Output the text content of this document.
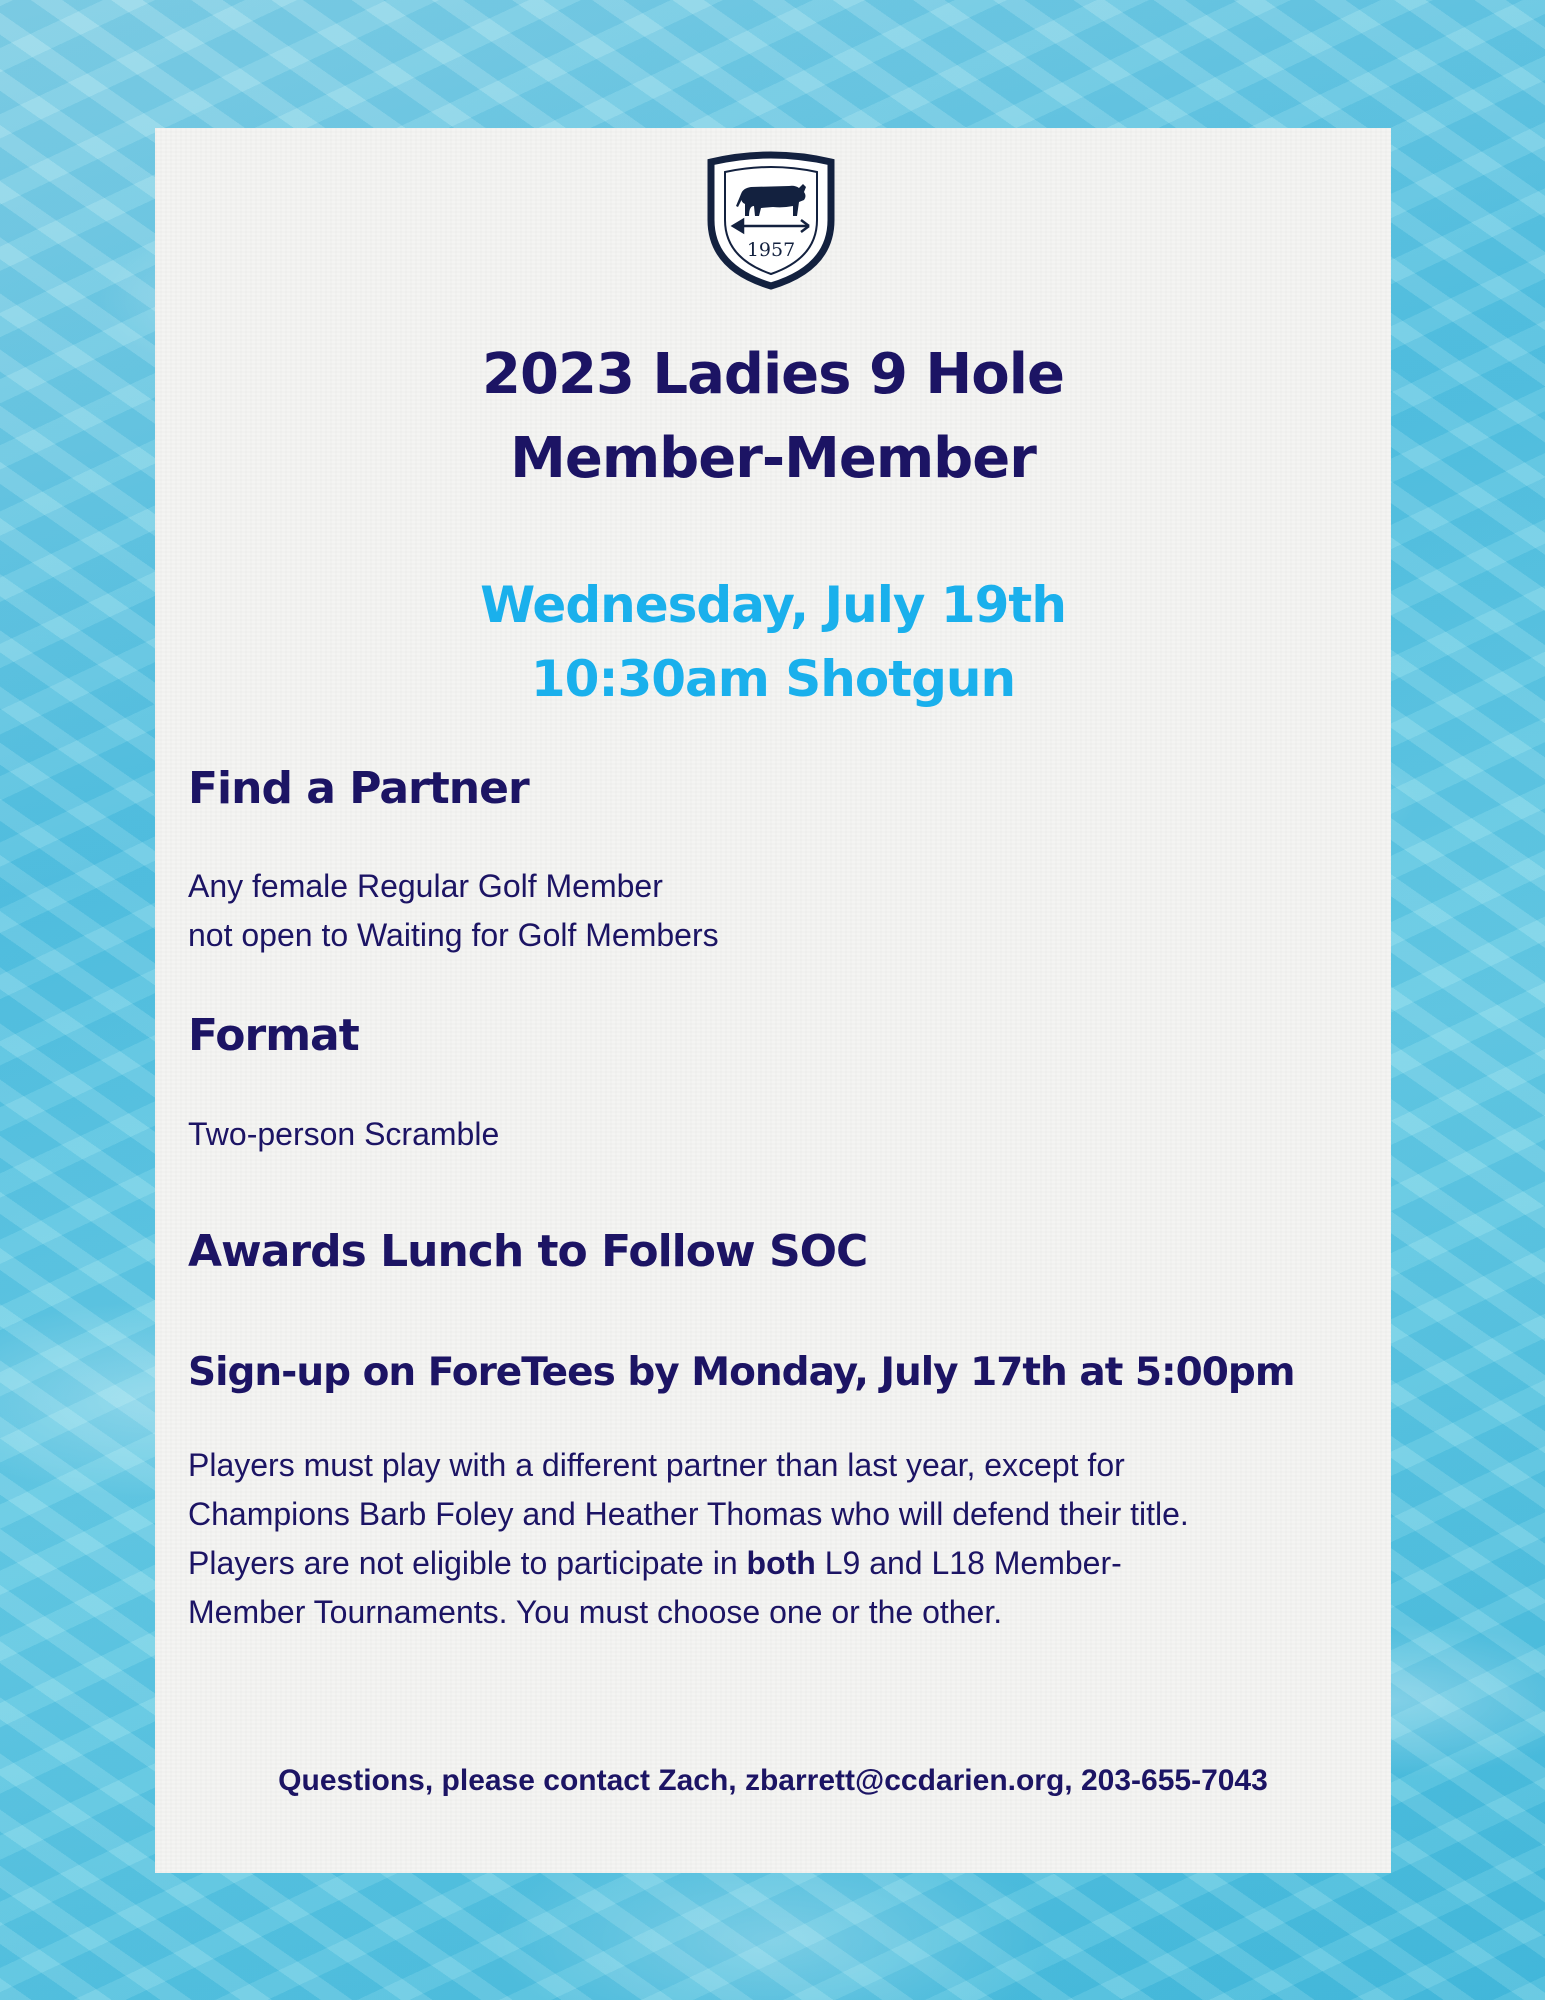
1957
2023 Ladies 9 Hole
Member-Member
Wednesday, July 19th
10:30am Shotgun
Find a Partner

Any female Regular Golf Member
not open to Waiting for Golf Members

Format

Two-person Scramble

Awards Lunch to Follow SOC
Sign-up on ForeTees by Monday, July 17th at 5:00pm

Players must play with a different partner than last year, except for
Champions Barb Foley and Heather Thomas who will defend their title.
Players are not eligible to participate in both L9 and L18 Member-
Member Tournaments. You must choose one or the other.

Questions, please contact Zach, zbarrett@ccdarien.org, 203-655-7043
